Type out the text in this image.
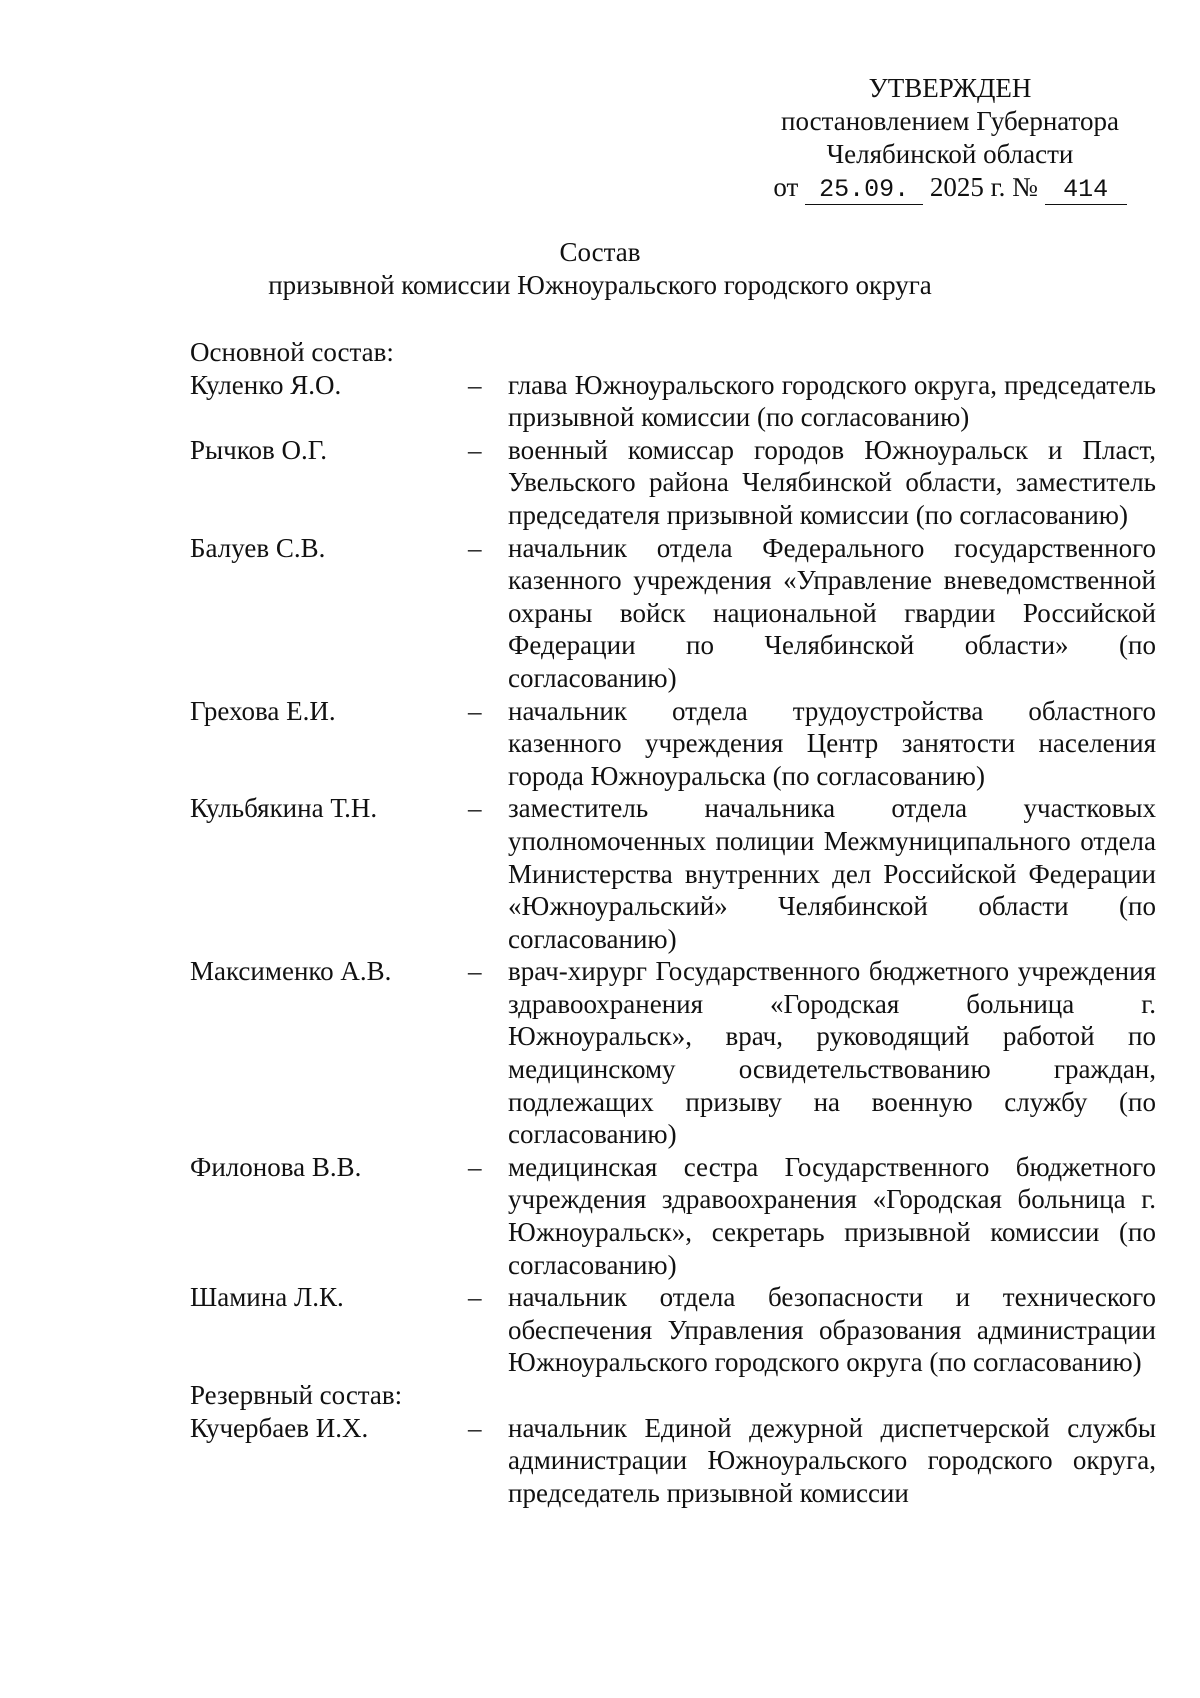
УТВЕРЖДЕН
постановлением Губернатора
Челябинской области
от 25.09. 2025 г. № 414
Состав
призывной комиссии Южноуральского городского округа
Основной состав:
Куленко Я.О.	– глава Южноуральского городского округа, председатель призывной комиссии (по согласованию)
Рычков О.Г.	– военный комиссар городов Южноуральск и Пласт, Увельского района Челябинской области, заместитель председателя призывной комиссии (по согласованию)
Балуев С.В.	– начальник отдела Федерального государственного казенного учреждения «Управление вневедомственной охраны войск национальной гвардии Российской Федерации по Челябинской области» (по согласованию)
Грехова Е.И.	– начальник отдела трудоустройства областного казенного учреждения Центр занятости населения города Южноуральска (по согласованию)
Кульбякина Т.Н.	– заместитель начальника отдела участковых уполномоченных полиции Межмуниципального отдела Министерства внутренних дел Российской Федерации «Южноуральский» Челябинской области (по согласованию)
Максименко А.В.	– врач-хирург Государственного бюджетного учреждения здравоохранения «Городская больница г. Южноуральск», врач, руководящий работой по медицинскому освидетельствованию граждан, подлежащих призыву на военную службу (по согласованию)
Филонова В.В.	– медицинская сестра Государственного бюджетного учреждения здравоохранения «Городская больница г. Южноуральск», секретарь призывной комиссии (по согласованию)
Шамина Л.К.	– начальник отдела безопасности и технического обеспечения Управления образования администрации Южноуральского городского округа (по согласованию)
Резервный состав:
Кучербаев И.Х.	– начальник Единой дежурной диспетчерской службы администрации Южноуральского городского округа, председатель призывной комиссии
